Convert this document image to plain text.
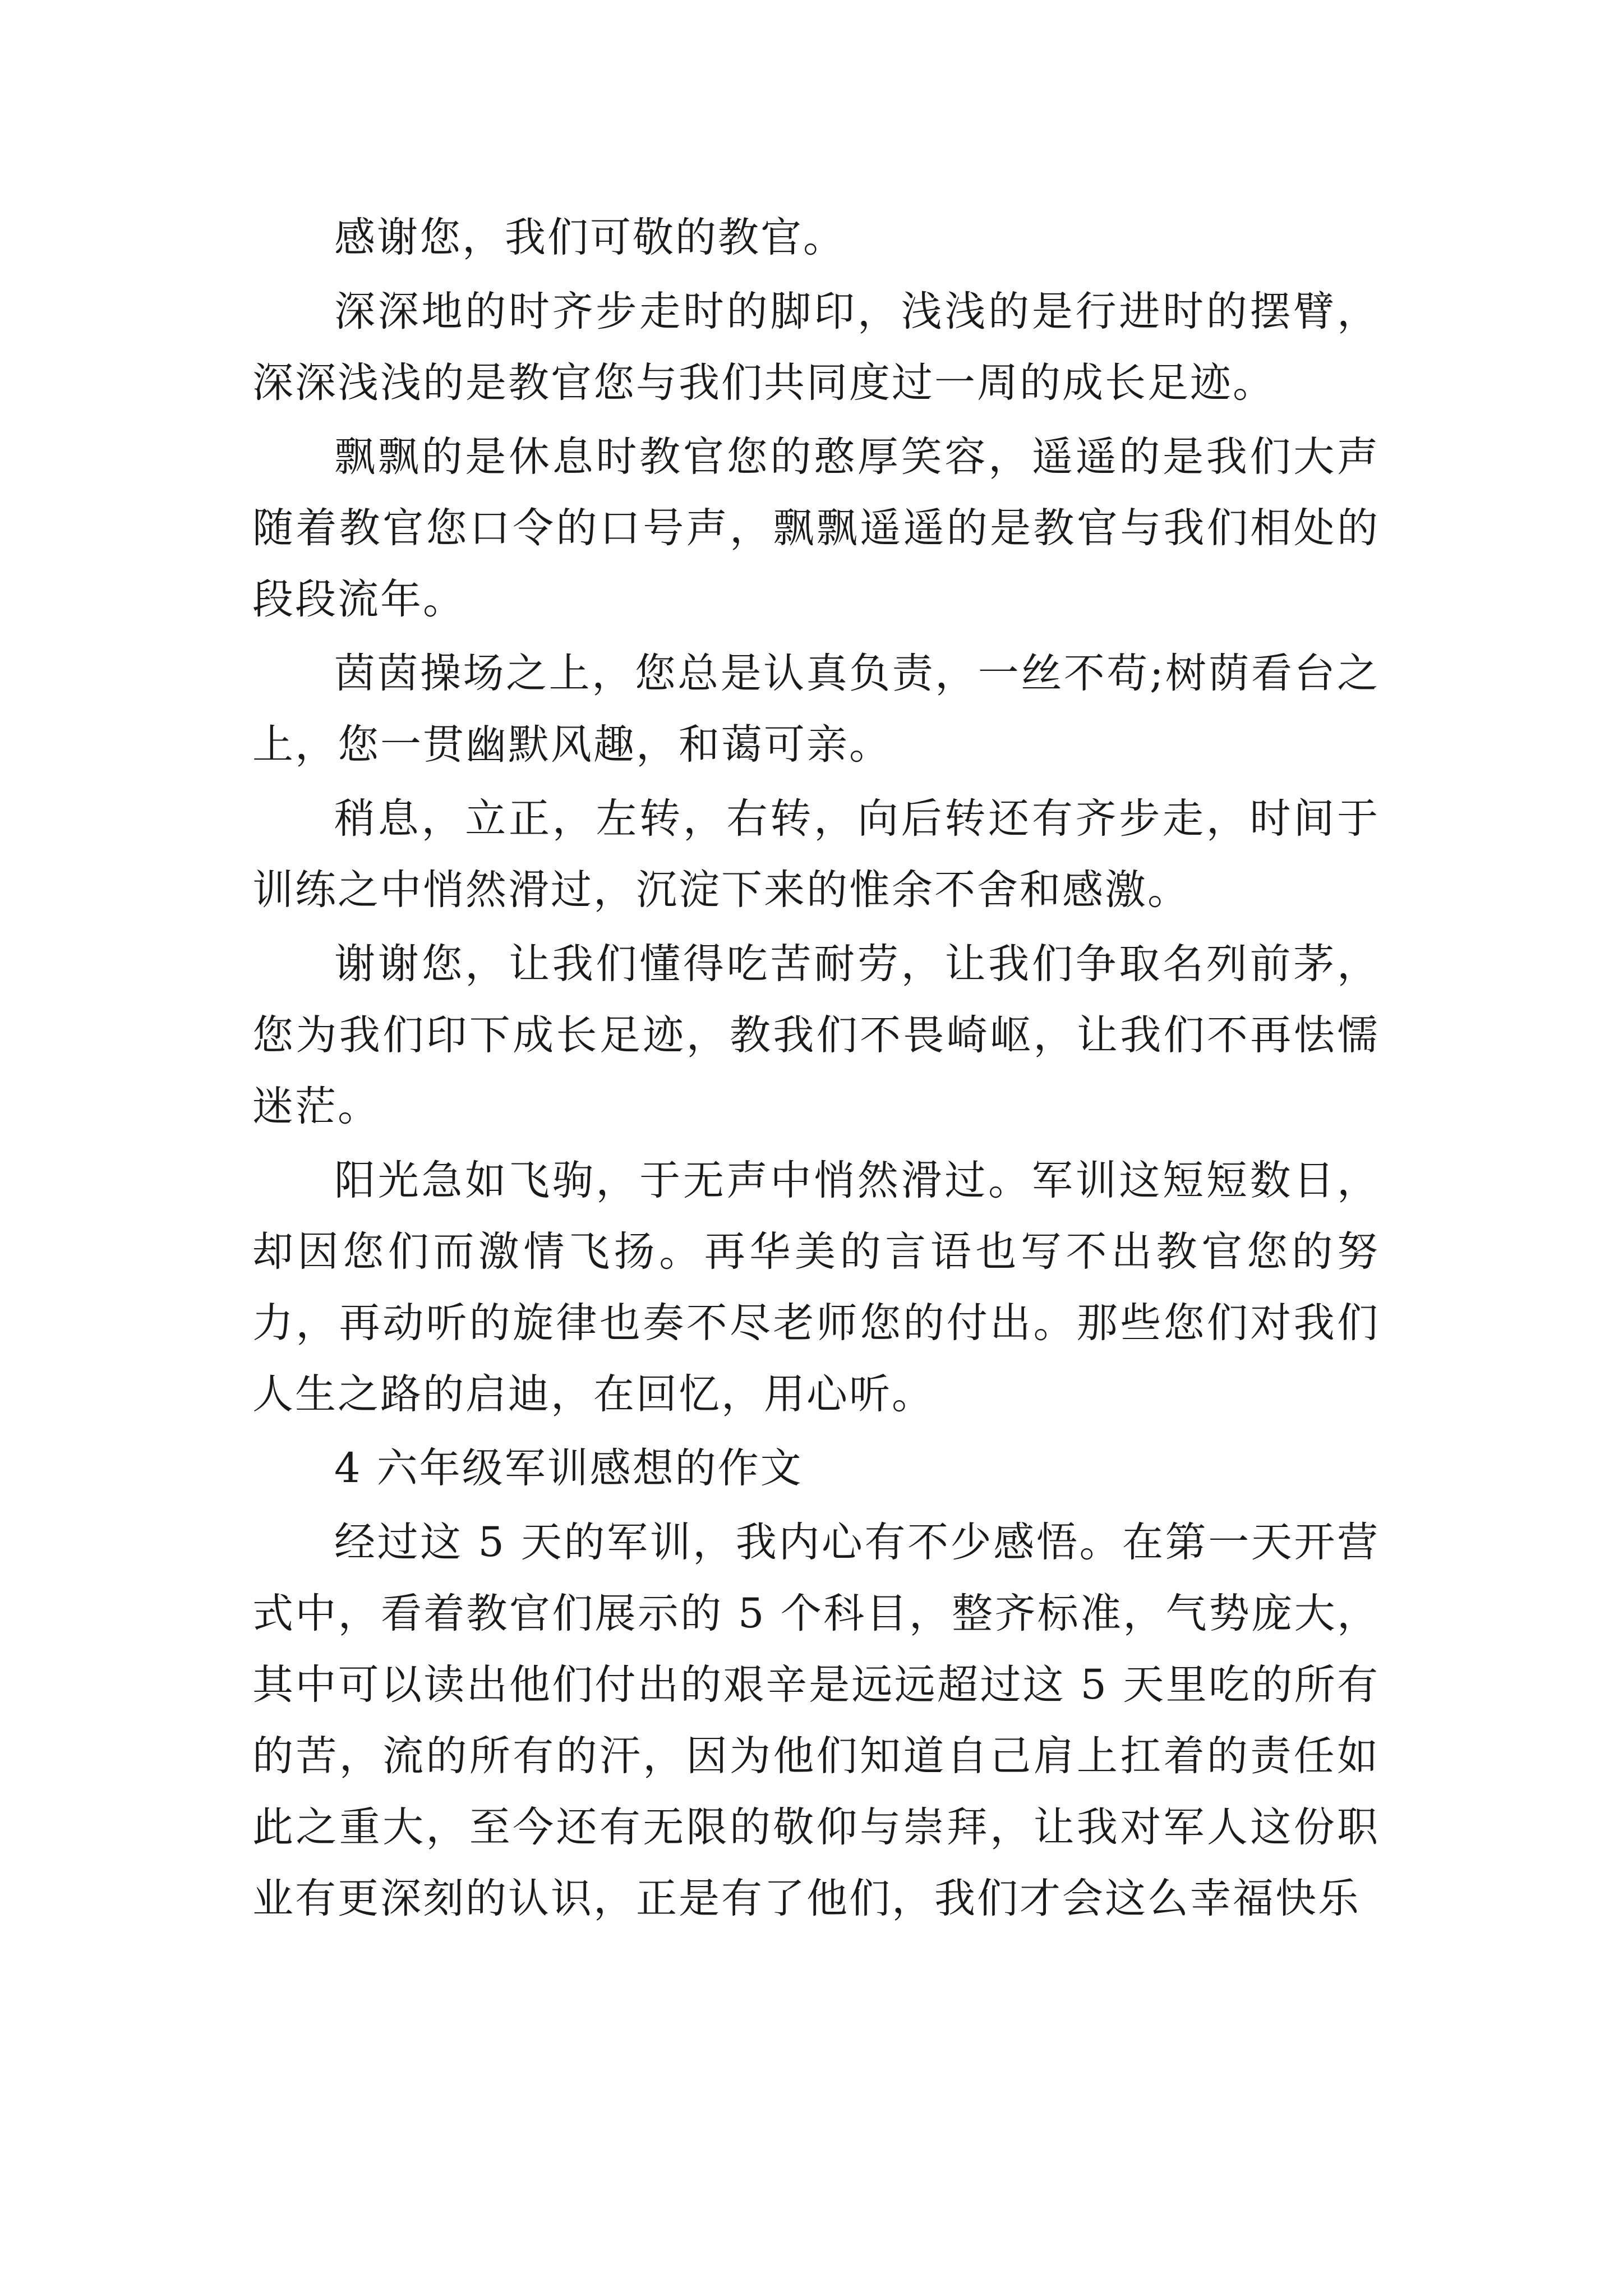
感谢您，我们可敬的教官。

深深地的时齐步走时的脚印，浅浅的是行进时的摆臂，深深浅浅的是教官您与我们共同度过一周的成长足迹。

飘飘的是休息时教官您的憨厚笑容，遥遥的是我们大声随着教官您口令的口号声，飘飘遥遥的是教官与我们相处的段段流年。

茵茵操场之上，您总是认真负责，一丝不苟;树荫看台之上，您一贯幽默风趣，和蔼可亲。

稍息，立正，左转，右转，向后转还有齐步走，时间于训练之中悄然滑过，沉淀下来的惟余不舍和感激。

谢谢您，让我们懂得吃苦耐劳，让我们争取名列前茅，您为我们印下成长足迹，教我们不畏崎岖，让我们不再怯懦迷茫。

阳光急如飞驹，于无声中悄然滑过。军训这短短数日，却因您们而激情飞扬。再华美的言语也写不出教官您的努力，再动听的旋律也奏不尽老师您的付出。那些您们对我们人生之路的启迪，在回忆，用心听。

4 六年级军训感想的作文

经过这 5 天的军训，我内心有不少感悟。在第一天开营式中，看着教官们展示的 5 个科目，整齐标准，气势庞大，其中可以读出他们付出的艰辛是远远超过这 5 天里吃的所有的苦，流的所有的汗，因为他们知道自己肩上扛着的责任如此之重大，至今还有无限的敬仰与崇拜，让我对军人这份职业有更深刻的认识，正是有了他们，我们才会这么幸福快乐
